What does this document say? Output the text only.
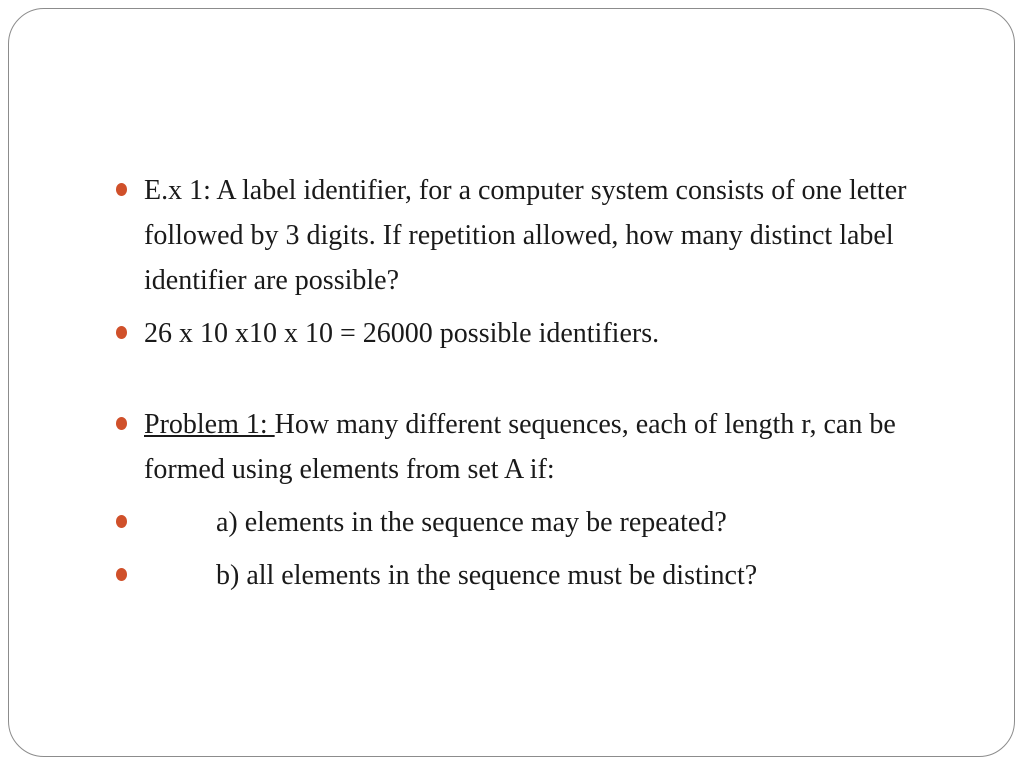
E.x 1: A label identifier, for a computer system consists of one letter followed by 3 digits. If repetition allowed, how many distinct label identifier are possible?
26 x 10 x10 x 10 = 26000 possible identifiers.
Problem 1: How many different sequences, each of length r, can be formed using elements from set A if:
a) elements in the sequence may be repeated?
b) all elements in the sequence must be distinct?
